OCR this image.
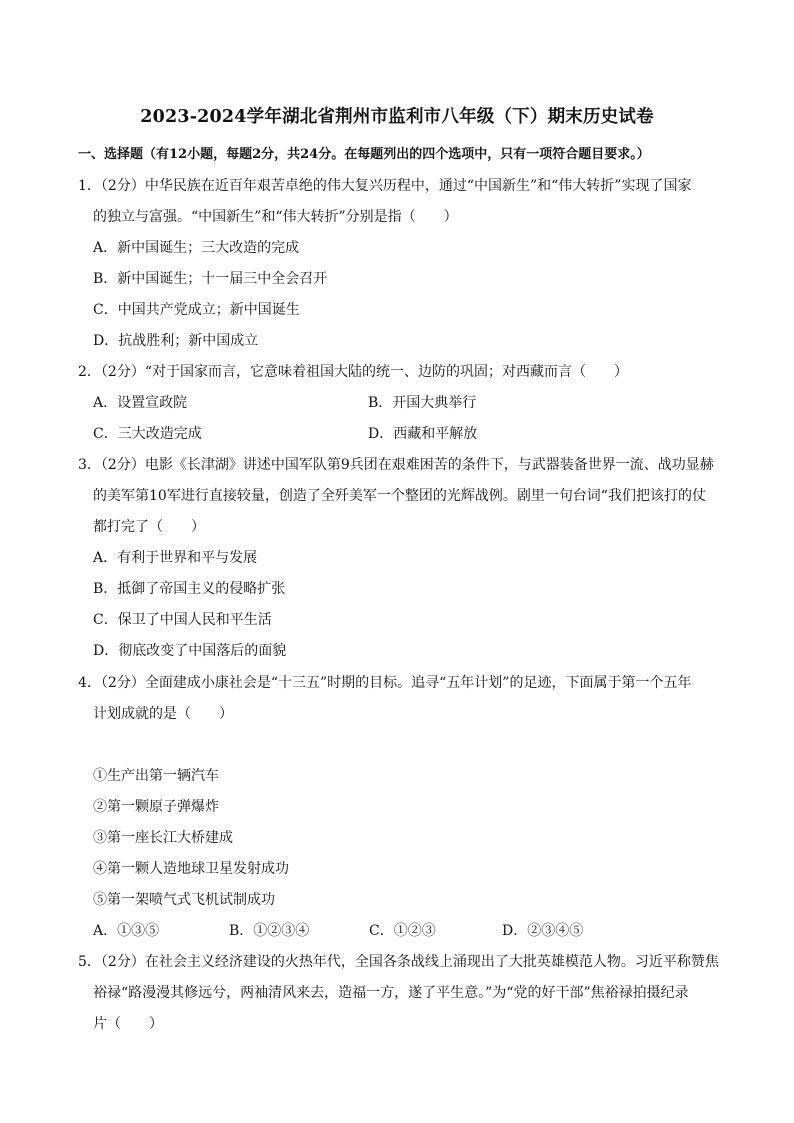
2023-2024学年湖北省荆州市监利市八年级（下）期末历史试卷
一、选择题（有12小题，每题2分，共24分。在每题列出的四个选项中，只有一项符合题目要求。）
1．（2分）中华民族在近百年艰苦卓绝的伟大复兴历程中，通过“中国新生”和“伟大转折”实现了国家
的独立与富强。“中国新生”和“伟大转折”分别是指（　　）
A．新中国诞生；三大改造的完成
B．新中国诞生；十一届三中全会召开
C．中国共产党成立；新中国诞生
D．抗战胜利；新中国成立
2．（2分）“对于国家而言，它意味着祖国大陆的统一、边防的巩固；对西藏而言（　　）
A．设置宣政院	B．开国大典举行
C．三大改造完成	D．西藏和平解放
3．（2分）电影《长津湖》讲述中国军队第9兵团在艰难困苦的条件下，与武器装备世界一流、战功显赫
的美军第10军进行直接较量，创造了全歼美军一个整团的光辉战例。剧里一句台词“我们把该打的仗
都打完了（　　）
A．有利于世界和平与发展
B．抵御了帝国主义的侵略扩张
C．保卫了中国人民和平生活
D．彻底改变了中国落后的面貌
4．（2分）全面建成小康社会是“十三五”时期的目标。追寻“五年计划”的足迹，下面属于第一个五年
计划成就的是（　　）
①生产出第一辆汽车
②第一颗原子弹爆炸
③第一座长江大桥建成
④第一颗人造地球卫星发射成功
⑤第一架喷气式飞机试制成功
A．①③⑤	B．①②③④	C．①②③	D．②③④⑤
5．（2分）在社会主义经济建设的火热年代，全国各条战线上涌现出了大批英雄模范人物。习近平称赞焦
裕禄“路漫漫其修远兮，两袖清风来去，造福一方，遂了平生意。”为“党的好干部”焦裕禄拍摄纪录
片（　　）
